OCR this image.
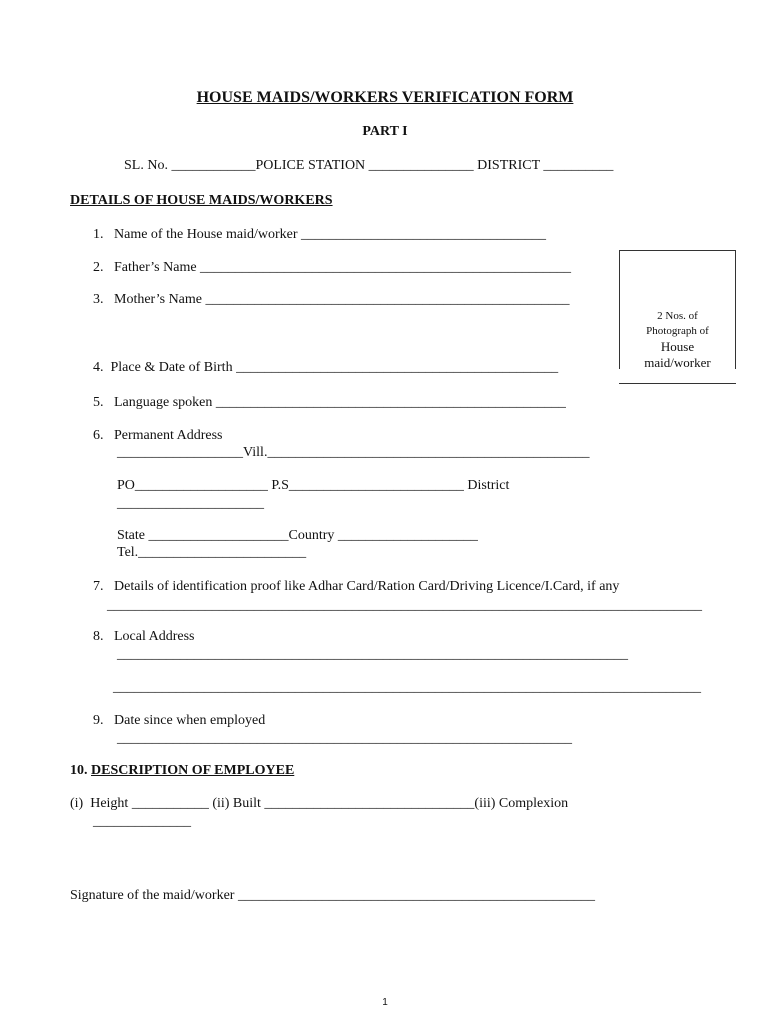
HOUSE MAIDS/WORKERS VERIFICATION FORM
PART I
SL. No. ____________POLICE STATION _______________ DISTRICT __________
DETAILS OF HOUSE MAIDS/WORKERS
1.   Name of the House maid/worker ___________________________________
2.   Father’s Name _____________________________________________________
3.   Mother’s Name ____________________________________________________
2 Nos. of
Photograph of
House
maid/worker
4.  Place & Date of Birth ______________________________________________
5.   Language spoken __________________________________________________
6.   Permanent Address
__________________Vill.______________________________________________
PO___________________ P.S_________________________ District
_____________________
State ____________________Country ____________________
Tel.________________________
7.   Details of identification proof like Adhar Card/Ration Card/Driving Licence/I.Card, if any
_____________________________________________________________________________________
8.   Local Address
_________________________________________________________________________
____________________________________________________________________________________
9.   Date since when employed
_________________________________________________________________
10. DESCRIPTION OF EMPLOYEE
(i)  Height ___________ (ii) Built ______________________________(iii) Complexion
______________
Signature of the maid/worker ___________________________________________________
1
